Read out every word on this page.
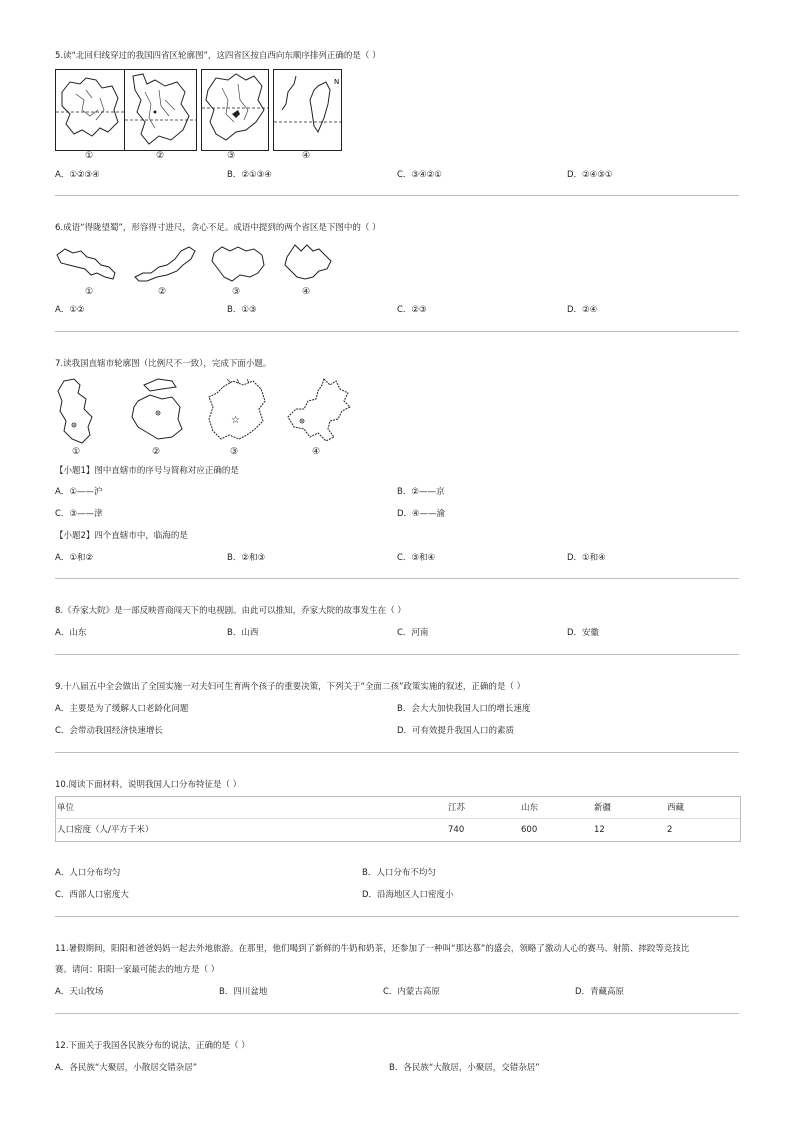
5.读“北回归线穿过的我国四省区轮廓图”，这四省区按自西向东顺序排列正确的是（ ）
N
①	②	③	④
A．①②③④	B．②①③④	C．③④②①	D．②④③①
6.成语“得陇望蜀”，形容得寸进尺，贪心不足。成语中提到的两个省区是下图中的（ ）
①	②	③	④
A．①②	B．①③	C．②③	D．②④
7.读我国直辖市轮廓图（比例尺不一致），完成下面小题。
☆
①	②	③	④
【小题1】图中直辖市的序号与简称对应正确的是
A．①——沪	B．②——京
C．③——津	D．④——渝
【小题2】四个直辖市中，临海的是
A．①和②	B．②和③	C．③和④	D．①和④
8.《乔家大院》是一部反映晋商闯天下的电视剧。由此可以推知，乔家大院的故事发生在（ ）
A．山东	B．山西	C．河南	D．安徽
9.十八届五中全会做出了全国实施一对夫妇可生育两个孩子的重要决策，下列关于“全面二孩”政策实施的叙述，正确的是（ ）
A．主要是为了缓解人口老龄化问题	B．会大大加快我国人口的增长速度
C．会带动我国经济快速增长	D．可有效提升我国人口的素质
10.阅读下面材料，说明我国人口分布特征是（ ）
单位	江苏	山东	新疆	西藏
人口密度（人/平方千米）	740	600	12	2
A．人口分布均匀	B．人口分布不均匀
C．西部人口密度大	D．沿海地区人口密度小
11.暑假期间，阳阳和爸爸妈妈一起去外地旅游。在那里，他们喝到了新鲜的牛奶和奶茶，还参加了一种叫“那达慕”的盛会，领略了激动人心的赛马、射箭、摔跤等竞技比
赛。请问：阳阳一家最可能去的地方是（ ）
A．天山牧场	B．四川盆地	C．内蒙古高原	D．青藏高原
12.下面关于我国各民族分布的说法，正确的是（ ）
A．各民族“大聚居，小散居交错杂居”	B．各民族“大散居，小聚居，交错杂居”
